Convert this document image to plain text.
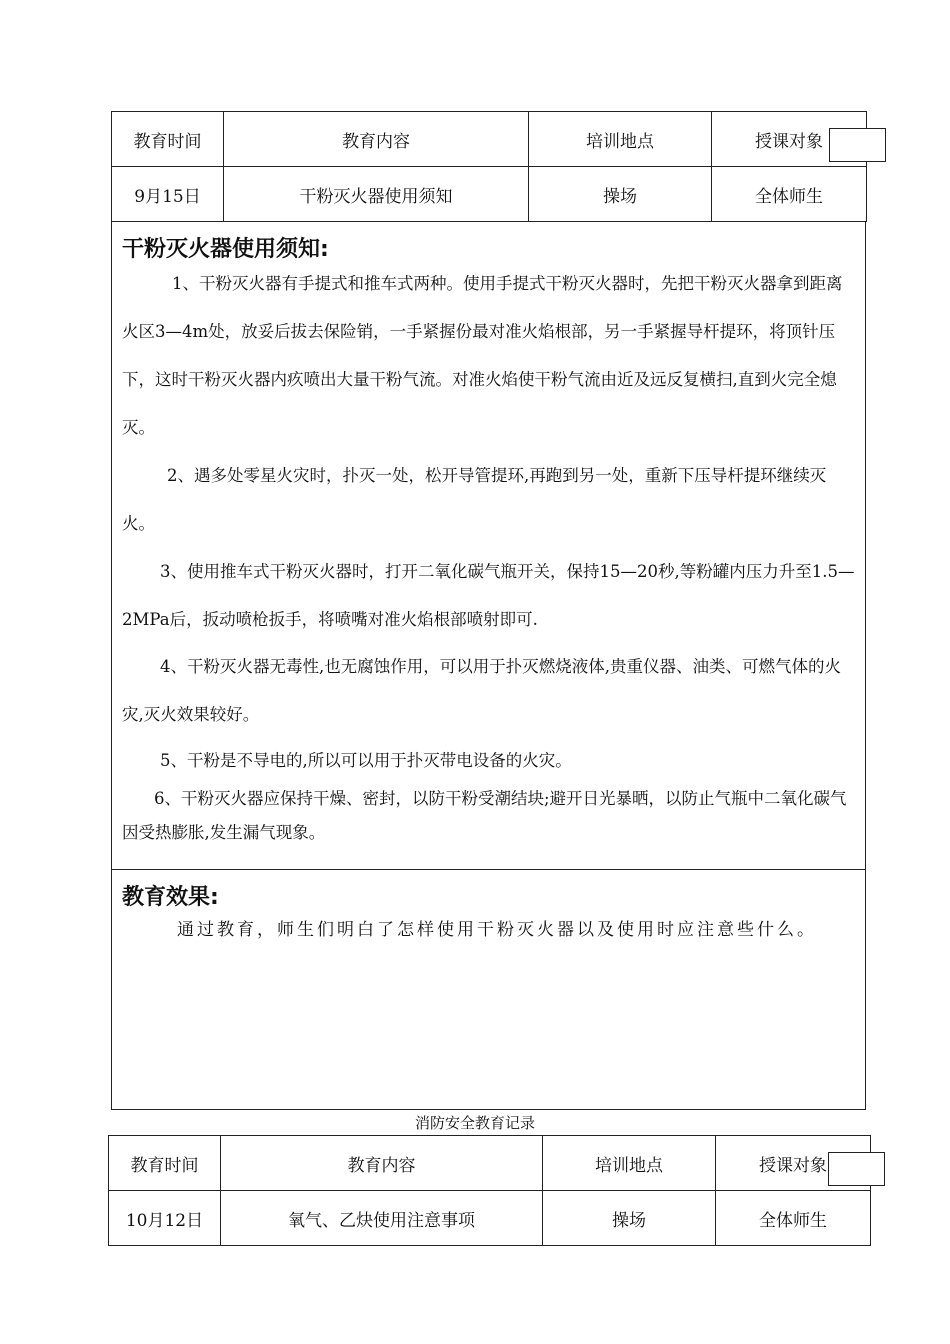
教育时间	教育内容	培训地点	授课对象
9月15日	干粉灭火器使用须知	操场	全体师生
干粉灭火器使用须知:

1、干粉灭火器有手提式和推车式两种。使用手提式干粉灭火器时，先把干粉灭火器拿到距离火区3—4m处，放妥后拔去保险销，一手紧握份最对准火焰根部，另一手紧握导杆提环，将顶针压下，这时干粉灭火器内疚喷出大量干粉气流。对准火焰使干粉气流由近及远反复横扫,直到火完全熄灭。

2、遇多处零星火灾时，扑灭一处，松开导管提环,再跑到另一处，重新下压导杆提环继续灭火。

3、使用推车式干粉灭火器时，打开二氧化碳气瓶开关，保持15—20秒,等粉罐内压力升至1.5—2MPa后，扳动喷枪扳手，将喷嘴对准火焰根部喷射即可.

4、干粉灭火器无毒性,也无腐蚀作用，可以用于扑灭燃烧液体,贵重仪器、油类、可燃气体的火灾,灭火效果较好。

5、干粉是不导电的,所以可以用于扑灭带电设备的火灾。

6、干粉灭火器应保持干燥、密封，以防干粉受潮结块;避开日光暴晒，以防止气瓶中二氧化碳气因受热膨胀,发生漏气现象。

教育效果:

通过教育，师生们明白了怎样使用干粉灭火器以及使用时应注意些什么。

消防安全教育记录
教育时间	教育内容	培训地点	授课对象
10月12日	氧气、乙炔使用注意事项	操场	全体师生
